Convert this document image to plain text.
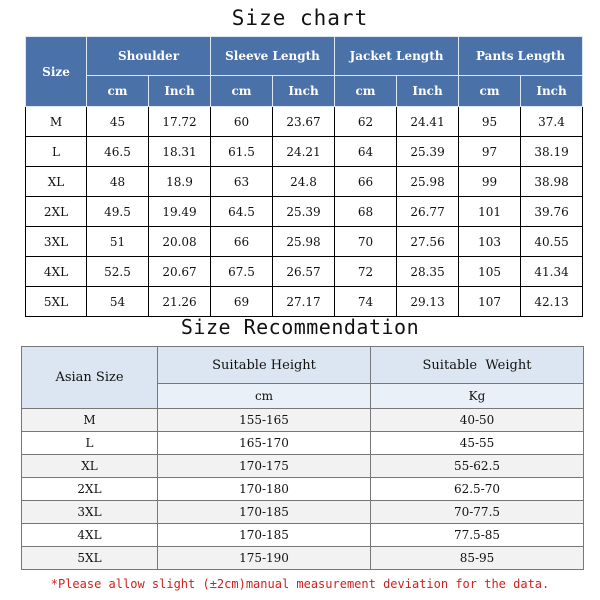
Size chart
Size	Shoulder		Sleeve Length		Jacket Length		Pants Length	
	cm	Inch	cm	Inch	cm	Inch	cm	Inch
M	45	17.72	60	23.67	62	24.41	95	37.4
L	46.5	18.31	61.5	24.21	64	25.39	97	38.19
XL	48	18.9	63	24.8	66	25.98	99	38.98
2XL	49.5	19.49	64.5	25.39	68	26.77	101	39.76
3XL	51	20.08	66	25.98	70	27.56	103	40.55
4XL	52.5	20.67	67.5	26.57	72	28.35	105	41.34
5XL	54	21.26	69	27.17	74	29.13	107	42.13
Size Recommendation
Asian Size	Suitable Height	Suitable  Weight
	cm	Kg
M	155-165	40-50
L	165-170	45-55
XL	170-175	55-62.5
2XL	170-180	62.5-70
3XL	170-185	70-77.5
4XL	170-185	77.5-85
5XL	175-190	85-95
*Please allow slight (±2cm)manual measurement deviation for the data.
